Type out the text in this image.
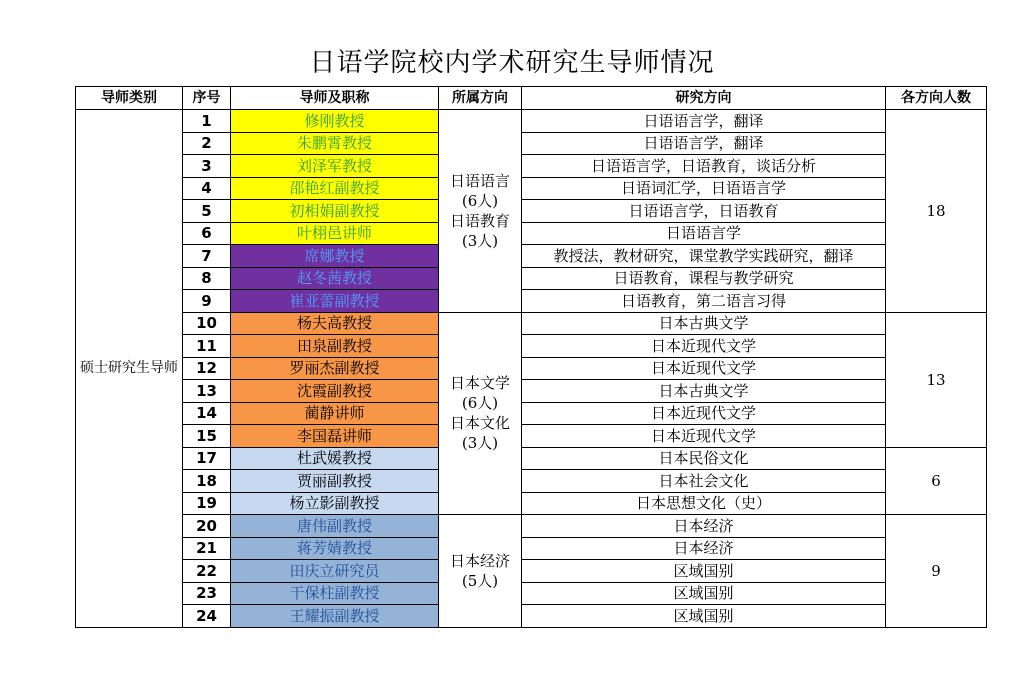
日语学院校内学术研究生导师情况
导师类别	序号	导师及职称	所属方向	研究方向	各方向人数
硕士研究生导师	1	修刚教授	日语语言
(6人)
日语教育
(3人)	日语语言学，翻译	18
	2	朱鹏霄教授		日语语言学，翻译	
	3	刘泽军教授		日语语言学，日语教育，谈话分析	
	4	邵艳红副教授		日语词汇学，日语语言学	
	5	初相娟副教授		日语语言学，日语教育	
	6	叶栩邑讲师		日语语言学	
	7	席娜教授		教授法，教材研究，课堂教学实践研究，翻译	
	8	赵冬茜教授		日语教育，课程与教学研究	
	9	崔亚蕾副教授		日语教育，第二语言习得	
	10	杨夫高教授	日本文学
(6人)
日本文化
(3人)	日本古典文学	13
	11	田泉副教授		日本近现代文学	
	12	罗丽杰副教授		日本近现代文学	
	13	沈霞副教授		日本古典文学	
	14	蔺静讲师		日本近现代文学	
	15	李国磊讲师		日本近现代文学	
	17	杜武媛教授		日本民俗文化	6
	18	贾丽副教授		日本社会文化	
	19	杨立影副教授		日本思想文化（史）	
	20	唐伟副教授	日本经济
(5人)	日本经济	9
	21	蒋芳婧教授		日本经济	
	22	田庆立研究员		区域国别	
	23	干保柱副教授		区域国别	
	24	王耀振副教授		区域国别	
